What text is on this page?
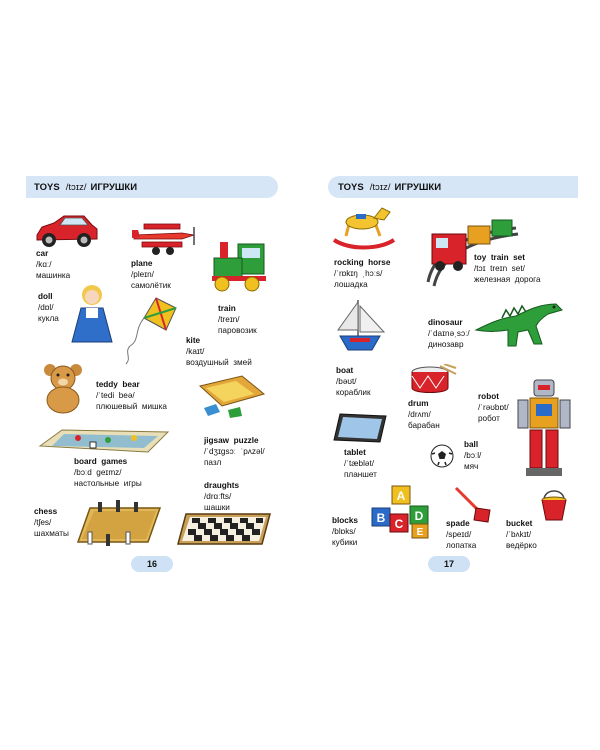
TOYS /tɔɪz/ ИГРУШКИ
car
/kɑː/
машинка
plane
/pleɪn/
самолётик
train
/treɪn/
паровозик
doll
/dɒl/
кукла
kite
/kaɪt/
воздушный  змей
teddy  bear
/ˈtedi  beə/
плюшевый  мишка
jigsaw  puzzle
/ˈdʒɪɡsɔː  ˈpʌzəl/
пазл
board  games
/bɔːd  ɡeɪmz/
настольные  игры	draughts
/drɑːfts/
шашки
chess
/tʃes/
шахматы
16
TOYS /tɔɪz/ ИГРУШКИ
rocking  horse
/ˈrɒkɪŋ  ˌhɔːs/
лошадка
toy  train  set
/tɔɪ  treɪn  set/
железная  дорога
boat
/bəʊt/
кораблик
dinosaur
/ˈdaɪnəˌsɔː/
динозавр
drum
/drʌm/
барабан
robot
/ˈrəʊbɒt/
робот
tablet
/ˈtæblət/
планшет
ball
/bɔːl/
мяч
blocks
/blɒks/
кубики
A
B C
D
E
spade
/speɪd/
лопатка
bucket
/ˈbʌkɪt/
ведёрко
17
